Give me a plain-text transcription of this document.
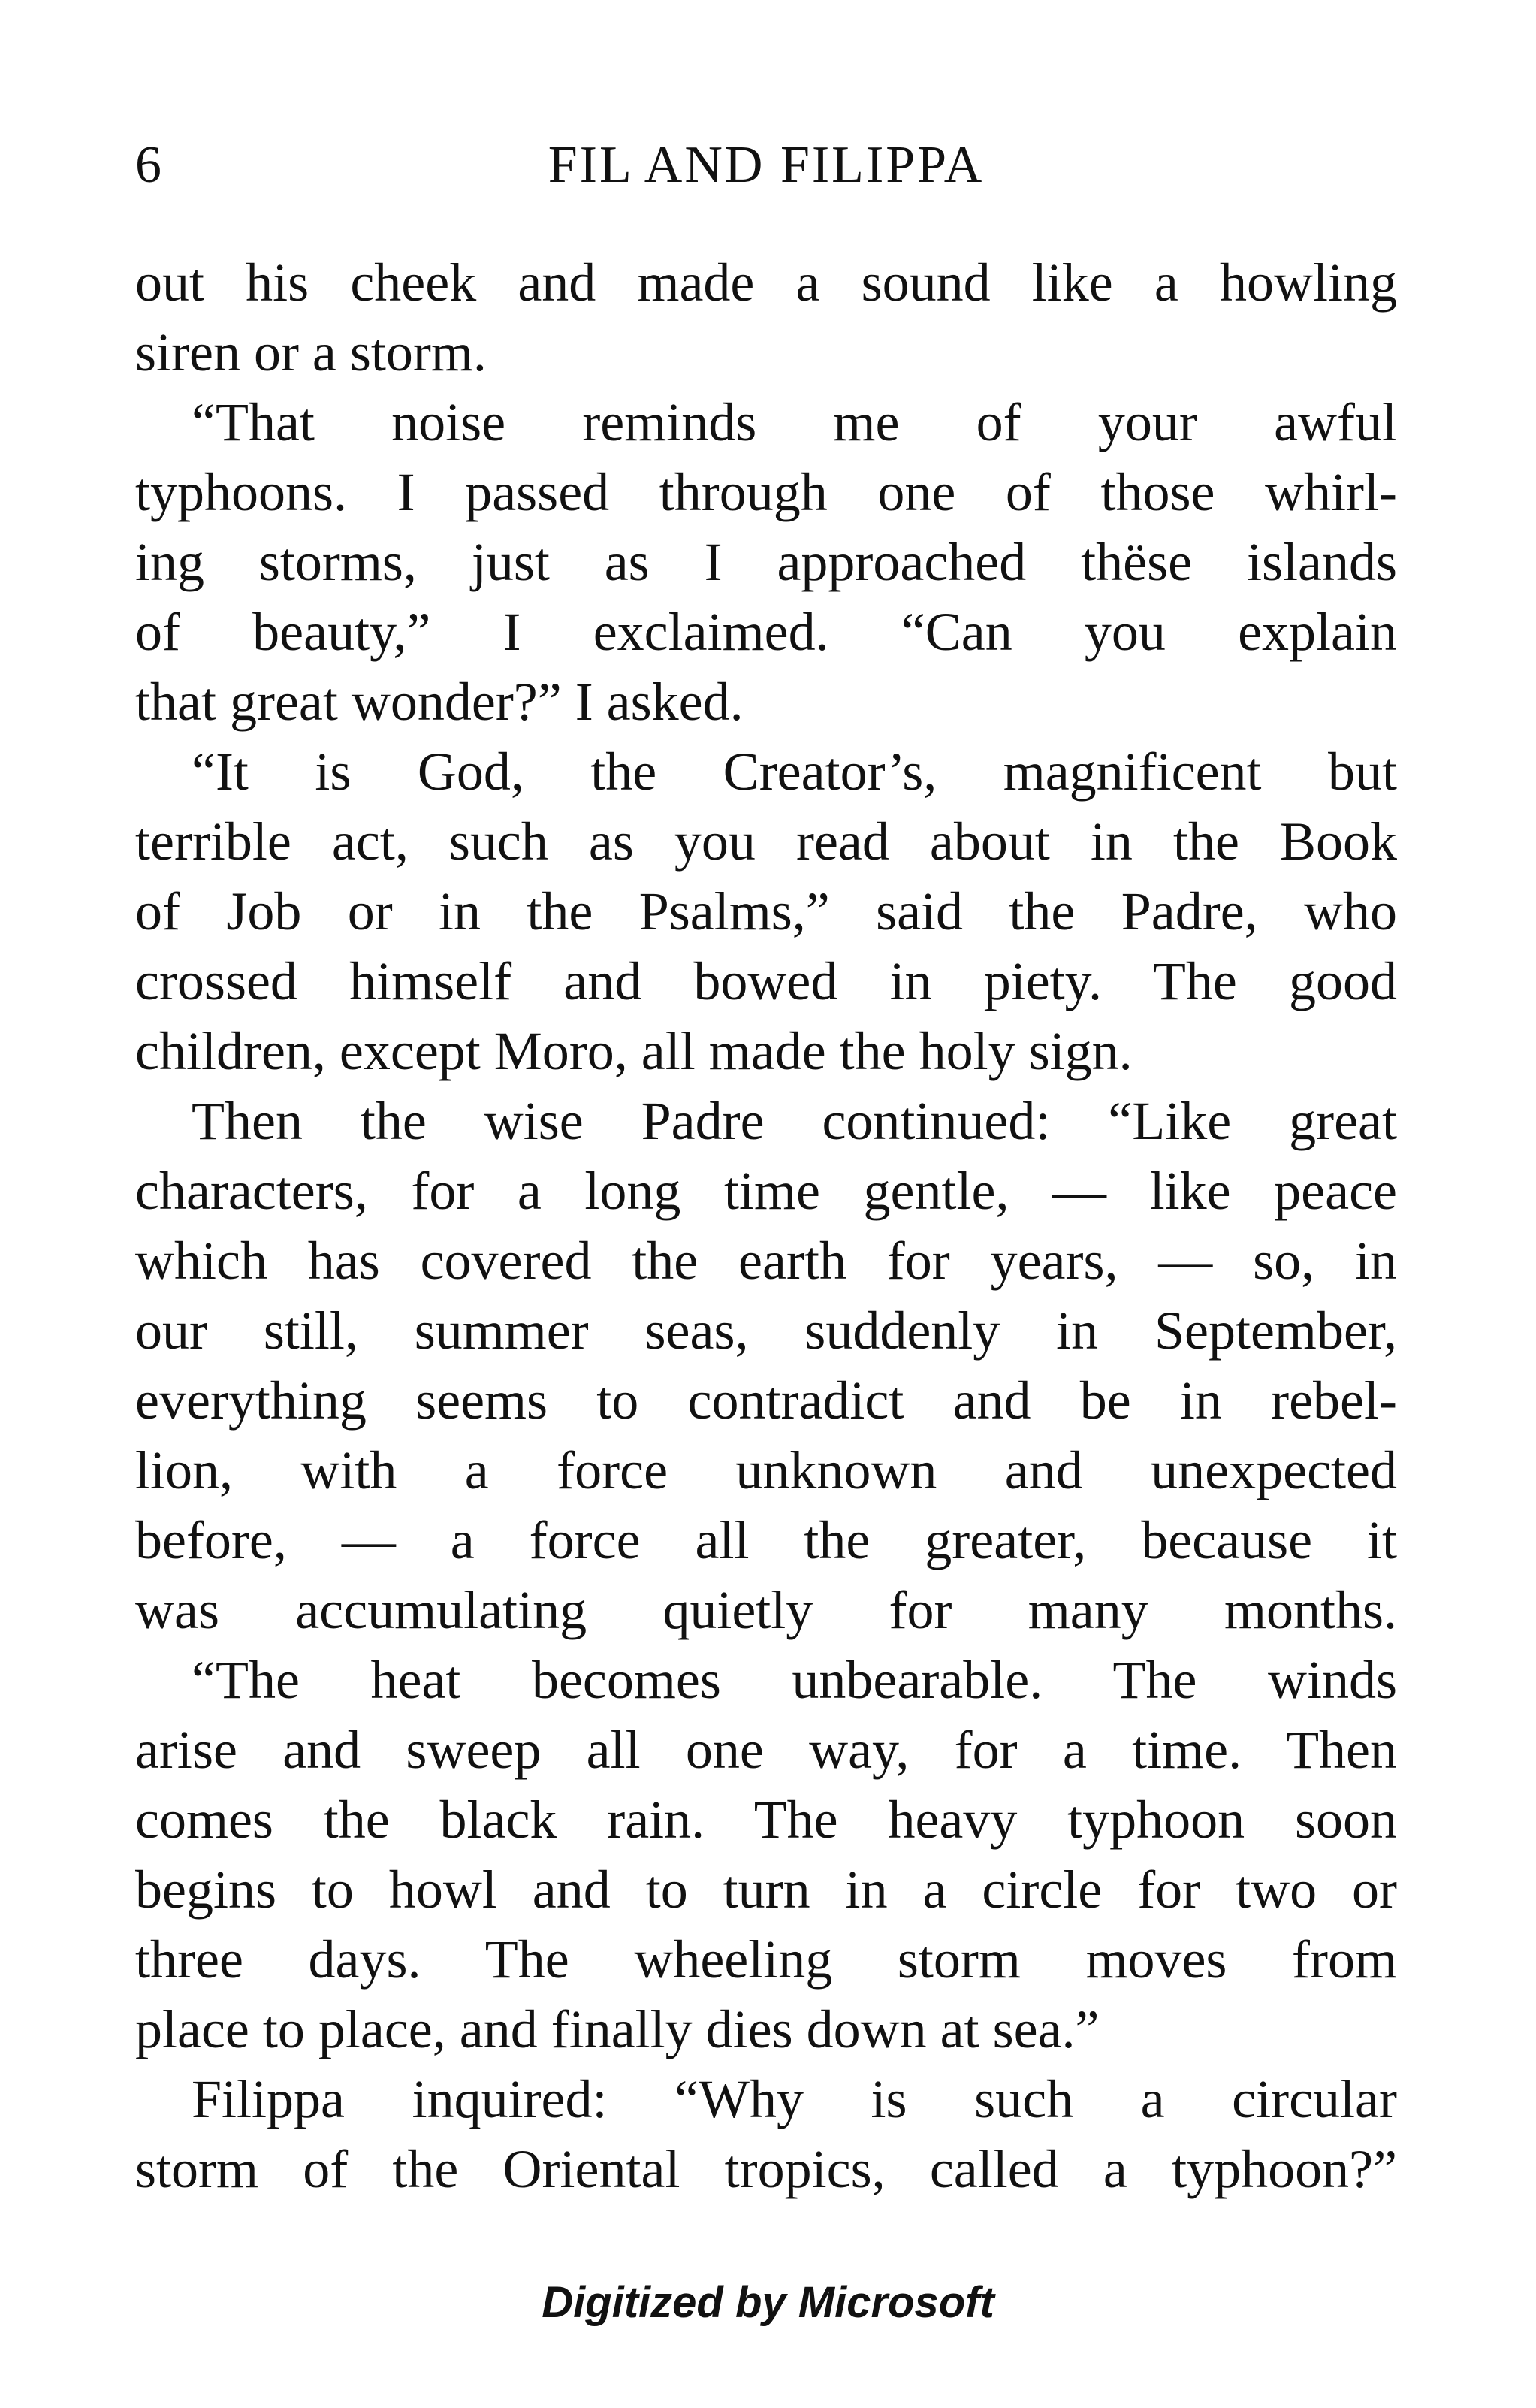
6	FIL AND FILIPPA
out his cheek and made a sound like a howling
siren or a storm.
“That noise reminds me of your awful
typhoons. I passed through one of those whirl-
ing storms, just as I approached thëse islands
of beauty,” I exclaimed. “Can you explain
that great wonder?” I asked.
“It is God, the Creator’s, magnificent but
terrible act, such as you read about in the Book
of Job or in the Psalms,” said the Padre, who
crossed himself and bowed in piety. The good
children, except Moro, all made the holy sign.
Then the wise Padre continued: “Like great
characters, for a long time gentle, — like peace
which has covered the earth for years, — so, in
our still, summer seas, suddenly in September,
everything seems to contradict and be in rebel-
lion, with a force unknown and unexpected
before, — a force all the greater, because it
was accumulating quietly for many months.
“The heat becomes unbearable. The winds
arise and sweep all one way, for a time. Then
comes the black rain. The heavy typhoon soon
begins to howl and to turn in a circle for two or
three days. The wheeling storm moves from
place to place, and finally dies down at sea.”
Filippa inquired: “Why is such a circular
storm of the Oriental tropics, called a typhoon?”
Digitized by Microsoft
